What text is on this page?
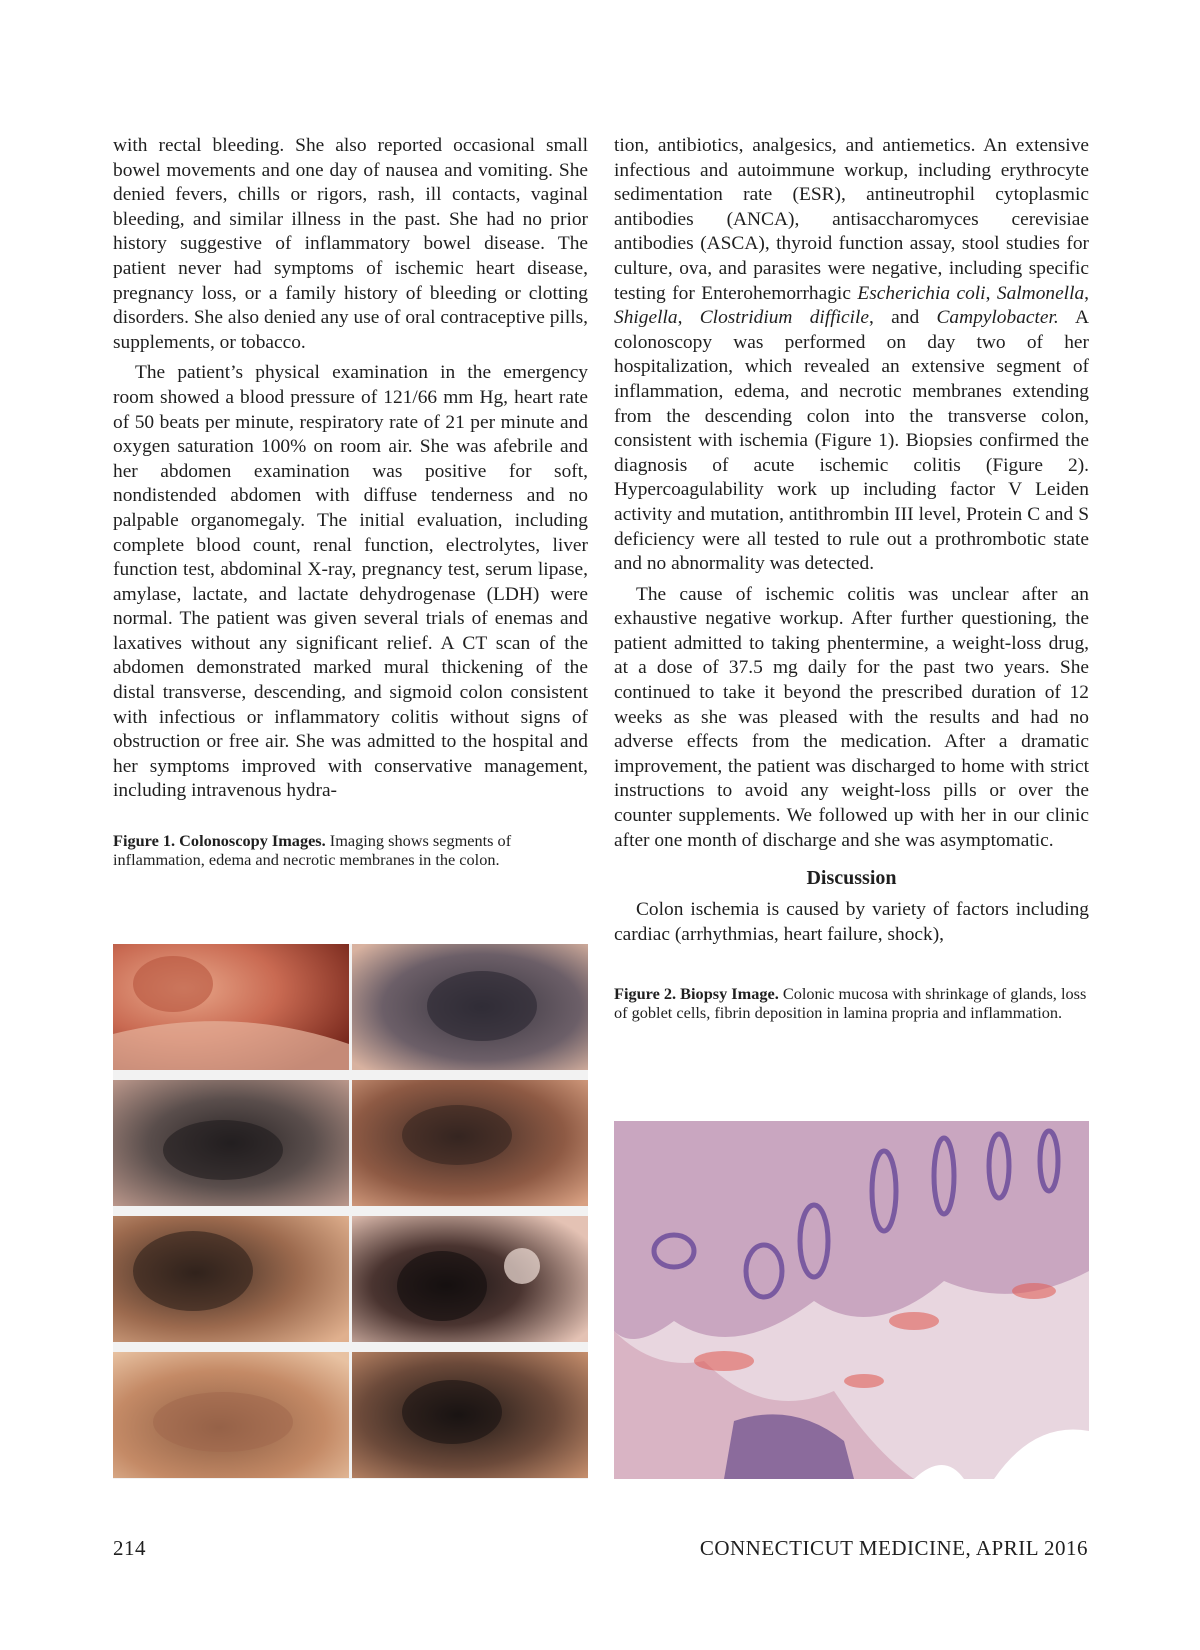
with rectal bleeding. She also reported occasional small bowel movements and one day of nausea and vomiting. She denied fevers, chills or rigors, rash, ill contacts, vaginal bleeding, and similar illness in the past. She had no prior history suggestive of inflammatory bowel disease. The patient never had symptoms of ischemic heart disease, pregnancy loss, or a family history of bleeding or clotting disorders. She also denied any use of oral contraceptive pills, supplements, or tobacco.

The patient’s physical examination in the emergency room showed a blood pressure of 121/66 mm Hg, heart rate of 50 beats per minute, respiratory rate of 21 per minute and oxygen saturation 100% on room air. She was afebrile and her abdomen examination was positive for soft, nondistended abdomen with diffuse tenderness and no palpable organomegaly. The initial evaluation, including complete blood count, renal function, electrolytes, liver function test, abdominal X-ray, pregnancy test, serum lipase, amylase, lactate, and lactate dehydrogenase (LDH) were normal. The patient was given several trials of enemas and laxatives without any significant relief. A CT scan of the abdomen demonstrated marked mural thickening of the distal transverse, descending, and sigmoid colon consistent with infectious or inflammatory colitis without signs of obstruction or free air. She was admitted to the hospital and her symptoms improved with conservative management, including intravenous hydra-

Figure 1. Colonoscopy Images. Imaging shows segments of inflammation, edema and necrotic membranes in the colon.

tion, antibiotics, analgesics, and antiemetics. An extensive infectious and autoimmune workup, including erythrocyte sedimentation rate (ESR), antineutrophil cytoplasmic antibodies (ANCA), antisaccharomyces cerevisiae antibodies (ASCA), thyroid function assay, stool studies for culture, ova, and parasites were negative, including specific testing for Enterohemorrhagic Escherichia coli, Salmonella, Shigella, Clostridium difficile, and Campylobacter. A colonoscopy was performed on day two of her hospitalization, which revealed an extensive segment of inflammation, edema, and necrotic membranes extending from the descending colon into the transverse colon, consistent with ischemia (Figure 1). Biopsies confirmed the diagnosis of acute ischemic colitis (Figure 2). Hypercoagulability work up including factor V Leiden activity and mutation, antithrombin III level, Protein C and S deficiency were all tested to rule out a prothrombotic state and no abnormality was detected.

The cause of ischemic colitis was unclear after an exhaustive negative workup. After further questioning, the patient admitted to taking phentermine, a weight-loss drug, at a dose of 37.5 mg daily for the past two years. She continued to take it beyond the prescribed duration of 12 weeks as she was pleased with the results and had no adverse effects from the medication. After a dramatic improvement, the patient was discharged to home with strict instructions to avoid any weight-loss pills or over the counter supplements. We followed up with her in our clinic after one month of discharge and she was asymptomatic.

Discussion

Colon ischemia is caused by variety of factors including cardiac (arrhythmias, heart failure, shock),

Figure 2. Biopsy Image. Colonic mucosa with shrinkage of glands, loss of goblet cells, fibrin deposition in lamina propria and inflammation.

214	CONNECTICUT MEDICINE, APRIL 2016
